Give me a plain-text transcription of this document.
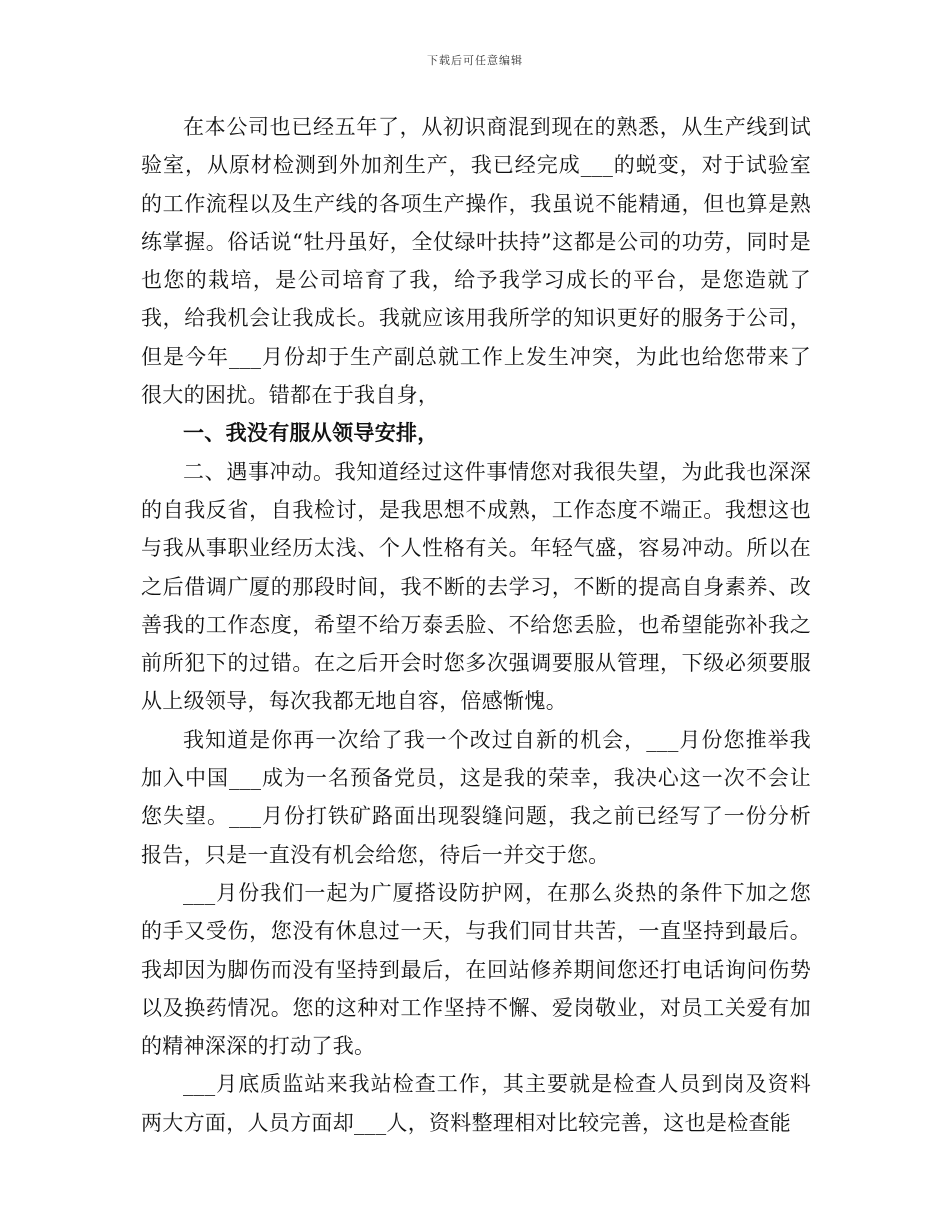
下载后可任意编辑

在本公司也已经五年了，从初识商混到现在的熟悉，从生产线到试验室，从原材检测到外加剂生产，我已经完成___的蜕变，对于试验室的工作流程以及生产线的各项生产操作，我虽说不能精通，但也算是熟练掌握。俗话说“牡丹虽好，全仗绿叶扶持”这都是公司的功劳，同时是也您的栽培，是公司培育了我，给予我学习成长的平台，是您造就了我，给我机会让我成长。我就应该用我所学的知识更好的服务于公司，但是今年___月份却于生产副总就工作上发生冲突，为此也给您带来了很大的困扰。错都在于我自身，

一、我没有服从领导安排，

二、遇事冲动。我知道经过这件事情您对我很失望，为此我也深深的自我反省，自我检讨，是我思想不成熟，工作态度不端正。我想这也与我从事职业经历太浅、个人性格有关。年轻气盛，容易冲动。所以在之后借调广厦的那段时间，我不断的去学习，不断的提高自身素养、改善我的工作态度，希望不给万泰丢脸、不给您丢脸，也希望能弥补我之前所犯下的过错。在之后开会时您多次强调要服从管理，下级必须要服从上级领导，每次我都无地自容，倍感惭愧。

我知道是你再一次给了我一个改过自新的机会，___月份您推举我加入中国___成为一名预备党员，这是我的荣幸，我决心这一次不会让您失望。___月份打铁矿路面出现裂缝问题，我之前已经写了一份分析报告，只是一直没有机会给您，待后一并交于您。

___月份我们一起为广厦搭设防护网，在那么炎热的条件下加之您的手又受伤，您没有休息过一天，与我们同甘共苦，一直坚持到最后。我却因为脚伤而没有坚持到最后，在回站修养期间您还打电话询问伤势以及换药情况。您的这种对工作坚持不懈、爱岗敬业，对员工关爱有加的精神深深的打动了我。

___月底质监站来我站检查工作，其主要就是检查人员到岗及资料两大方面，人员方面却___人，资料整理相对比较完善，这也是检查能
